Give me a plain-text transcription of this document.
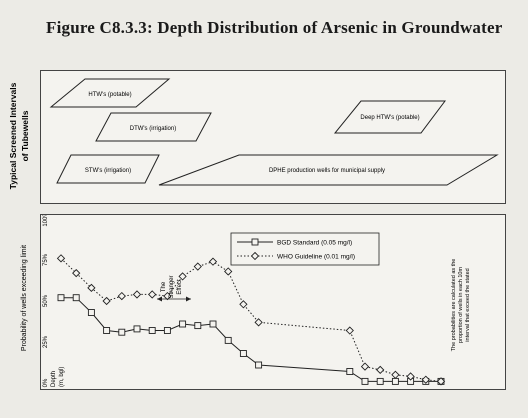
Figure C8.3.3: Depth Distribution of Arsenic in Groundwater
Typical Screened Intervals of Tubewells
HTW's (potable)
DTW's (irrigation)
Deep HTW's (potable)
STW's (irrigation)	DPHE production wells for municipal supply
Probability of wells exceeding limit
0%
25%
50%
75%
100%
Depth (m, bgl)
BGD Standard (0.05 mg/l)
WHO Guideline (0.01 mg/l)
The Stranger Effect	The probabilities are calculated as the proportion of wells in each 10m interval that exceed the stated
